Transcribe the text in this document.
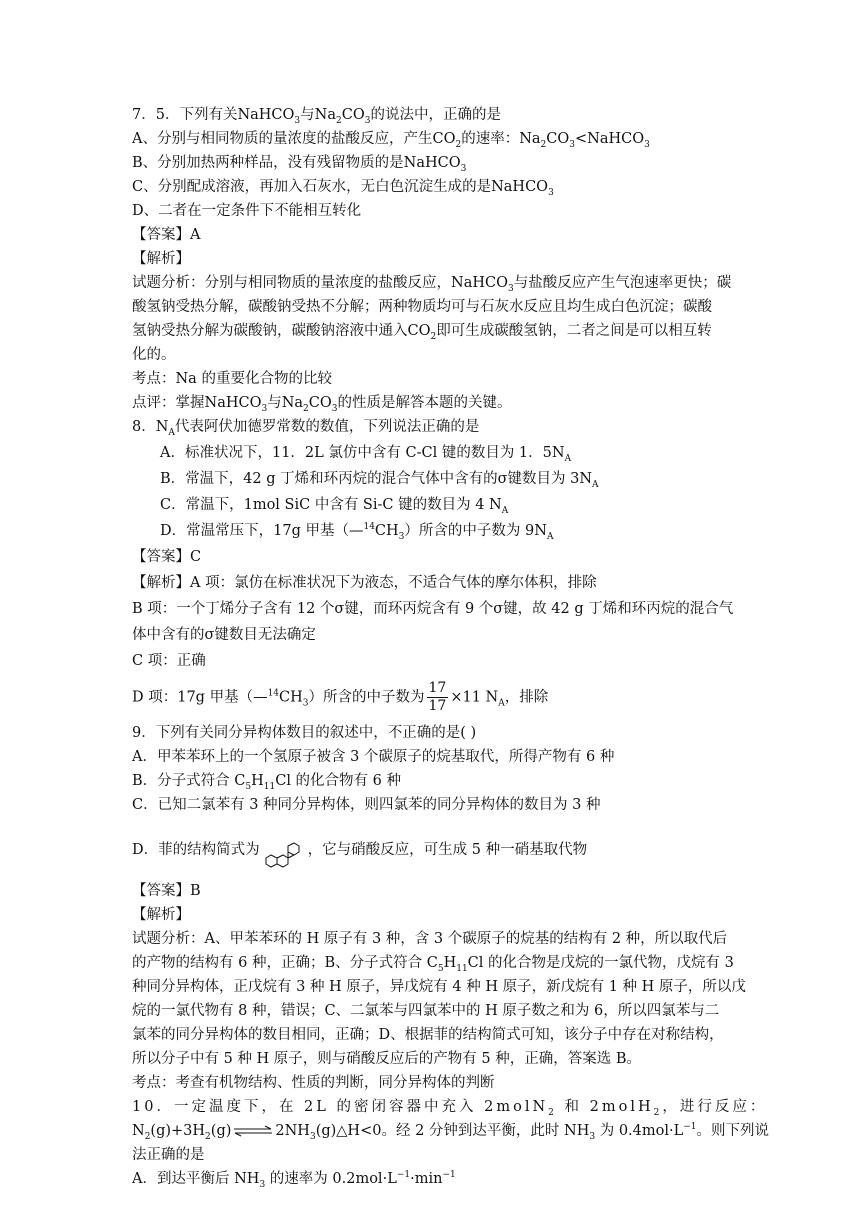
7．5．下列有关NaHCO$_3$与$Na_2CO_3$的说法中，正确的是
A、分别与相同物质的量浓度的盐酸反应，产生$CO_2$的速率：$Na_2CO_3<NaHCO_3$
B、分别加热两种样品，没有残留物质的是NaHCO$_3$
C、分别配成溶液，再加入石灰水，无白色沉淀生成的是NaHCO$_3$
D、二者在一定条件下不能相互转化
【答案】A
【解析】
试题分析：分别与相同物质的量浓度的盐酸反应，NaHCO$_3$与盐酸反应产生气泡速率更快；碳
酸氢钠受热分解，碳酸钠受热不分解；两种物质均可与石灰水反应且均生成白色沉淀；碳酸
氢钠受热分解为碳酸钠，碳酸钠溶液中通入$CO_2$即可生成碳酸氢钠，二者之间是可以相互转
化的。
考点：Na 的重要化合物的比较
点评：掌握NaHCO$_3$与$Na_2CO_3$的性质是解答本题的关键。
8．$N_A$代表阿伏加德罗常数的数值，下列说法正确的是
A．标准状况下，11．2L 氯仿中含有 C-Cl 键的数目为 1．$5N_A$
B．常温下，42 g 丁烯和环丙烷的混合气体中含有的σ键数目为 $3N_A$
C．常温下，1mol SiC 中含有 Si-C 键的数目为 4 $N_A$
D．常温常压下，17g 甲基$(—^{14}CH_3)$所含的中子数为 $9N_A$
【答案】C
【解析】A 项：氯仿在标准状况下为液态，不适合气体的摩尔体积，排除
B 项：一个丁烯分子含有 12 个σ键，而环丙烷含有 9 个σ键，故 42 g 丁烯和环丙烷的混合气
体中含有的σ键数目无法确定
C 项：正确
D 项：17g 甲基$(—^{14}CH_3)$所含的中子数为 $\frac{17}{17} \times 11$ $N_A$，排除
9．下列有关同分异构体数目的叙述中，不正确的是( )
A．甲苯苯环上的一个氢原子被含 3 个碳原子的烷基取代，所得产物有 6 种
B．分子式符合 $C_5H_{11}Cl$ 的化合物有 6 种
C．已知二氯苯有 3 种同分异构体，则四氯苯的同分异构体的数目为 3 种
D．菲的结构简式为	，它与硝酸反应，可生成 5 种一硝基取代物
【答案】B
【解析】
试题分析：A、甲苯苯环的 H 原子有 3 种，含 3 个碳原子的烷基的结构有 2 种，所以取代后
的产物的结构有 6 种，正确；B、分子式符合 $C_5H_{11}Cl$ 的化合物是戊烷的一氯代物，戊烷有 3
种同分异构体，正戊烷有 3 种 H 原子，异戊烷有 4 种 H 原子，新戊烷有 1 种 H 原子，所以戊
烷的一氯代物有 8 种，错误；C、二氯苯与四氯苯中的 H 原子数之和为 6，所以四氯苯与二
氯苯的同分异构体的数目相同，正确；D、根据菲的结构简式可知，该分子中存在对称结构，
所以分子中有 5 种 H 原子，则与硝酸反应后的产物有 5 种，正确，答案选 B。
考点：考查有机物结构、性质的判断，同分异构体的判断
10．一定温度下，在 2L 的密闭容器中充入 2molN$_2$ 和 2molH$_2$，进行反应：
$N_2(g)+3H_2(g)\rightleftharpoons 2NH_3(g)\triangle H<0$。经 2 分钟到达平衡，此时 $NH_3$ 为 $0.4mol\cdot L^{-1}$。则下列说
法正确的是
A．到达平衡后 $NH_3$ 的速率为 $0.2mol\cdot L^{-1}\cdot\min^{-1}$
